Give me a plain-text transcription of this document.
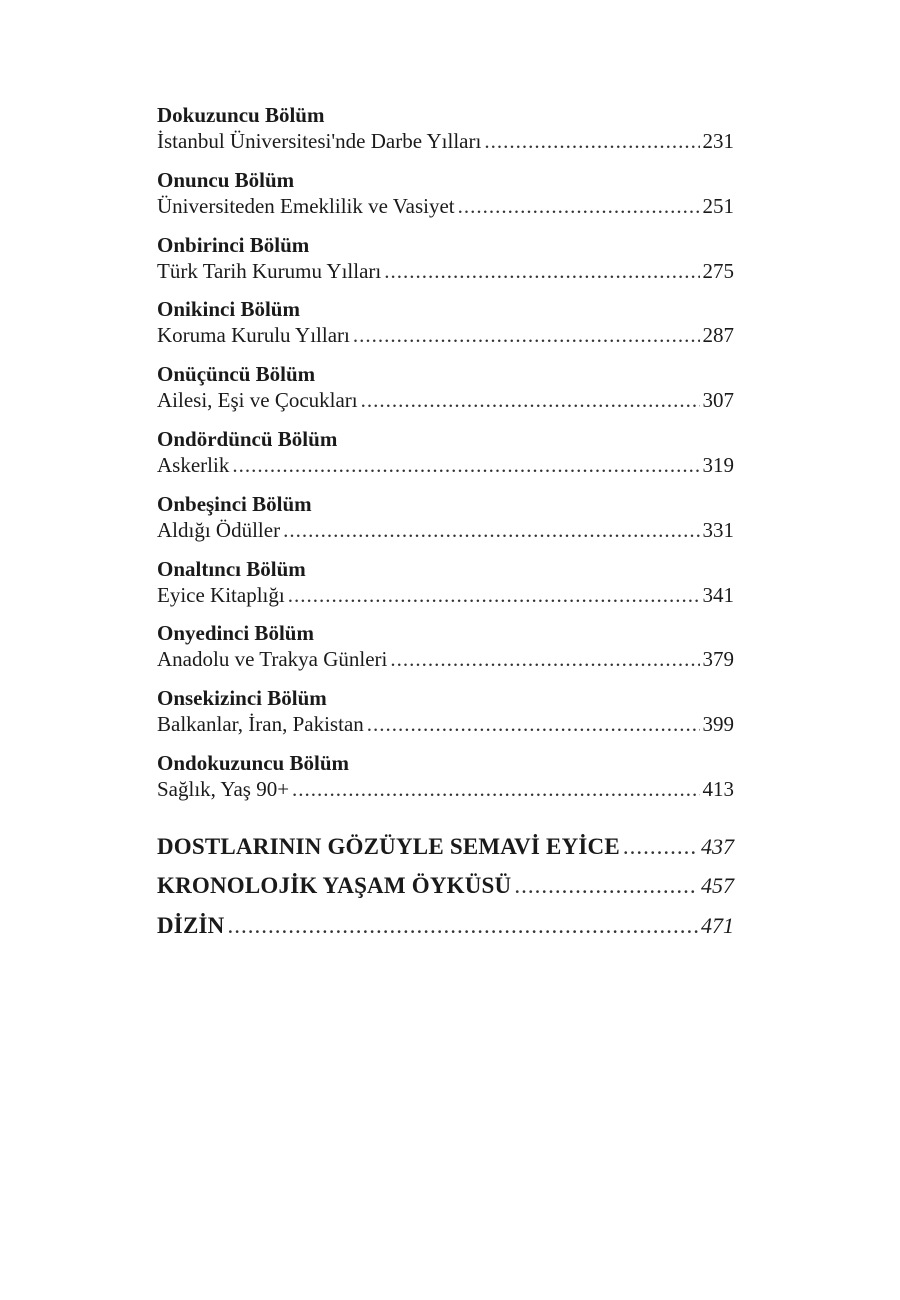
Dokuzuncu Bölüm
İstanbul Üniversitesi'nde Darbe Yılları .....	231
Onuncu Bölüm
Üniversiteden Emeklilik ve Vasiyet .....	251
Onbirinci Bölüm
Türk Tarih Kurumu Yılları .....	275
Onikinci Bölüm
Koruma Kurulu Yılları .....	287
Onüçüncü Bölüm
Ailesi, Eşi ve Çocukları .....	307
Ondördüncü Bölüm
Askerlik .....	319
Onbeşinci Bölüm
Aldığı Ödüller .....	331
Onaltıncı Bölüm
Eyice Kitaplığı .....	341
Onyedinci Bölüm
Anadolu ve Trakya Günleri .....	379
Onsekizinci Bölüm
Balkanlar, İran, Pakistan .....	399
Ondokuzuncu Bölüm
Sağlık, Yaş 90+ .....	413
DOSTLARININ GÖZÜYLE SEMAVİ EYİCE .....	437
KRONOLOJİK YAŞAM ÖYKÜSÜ .....	457
DİZİN .....	471
